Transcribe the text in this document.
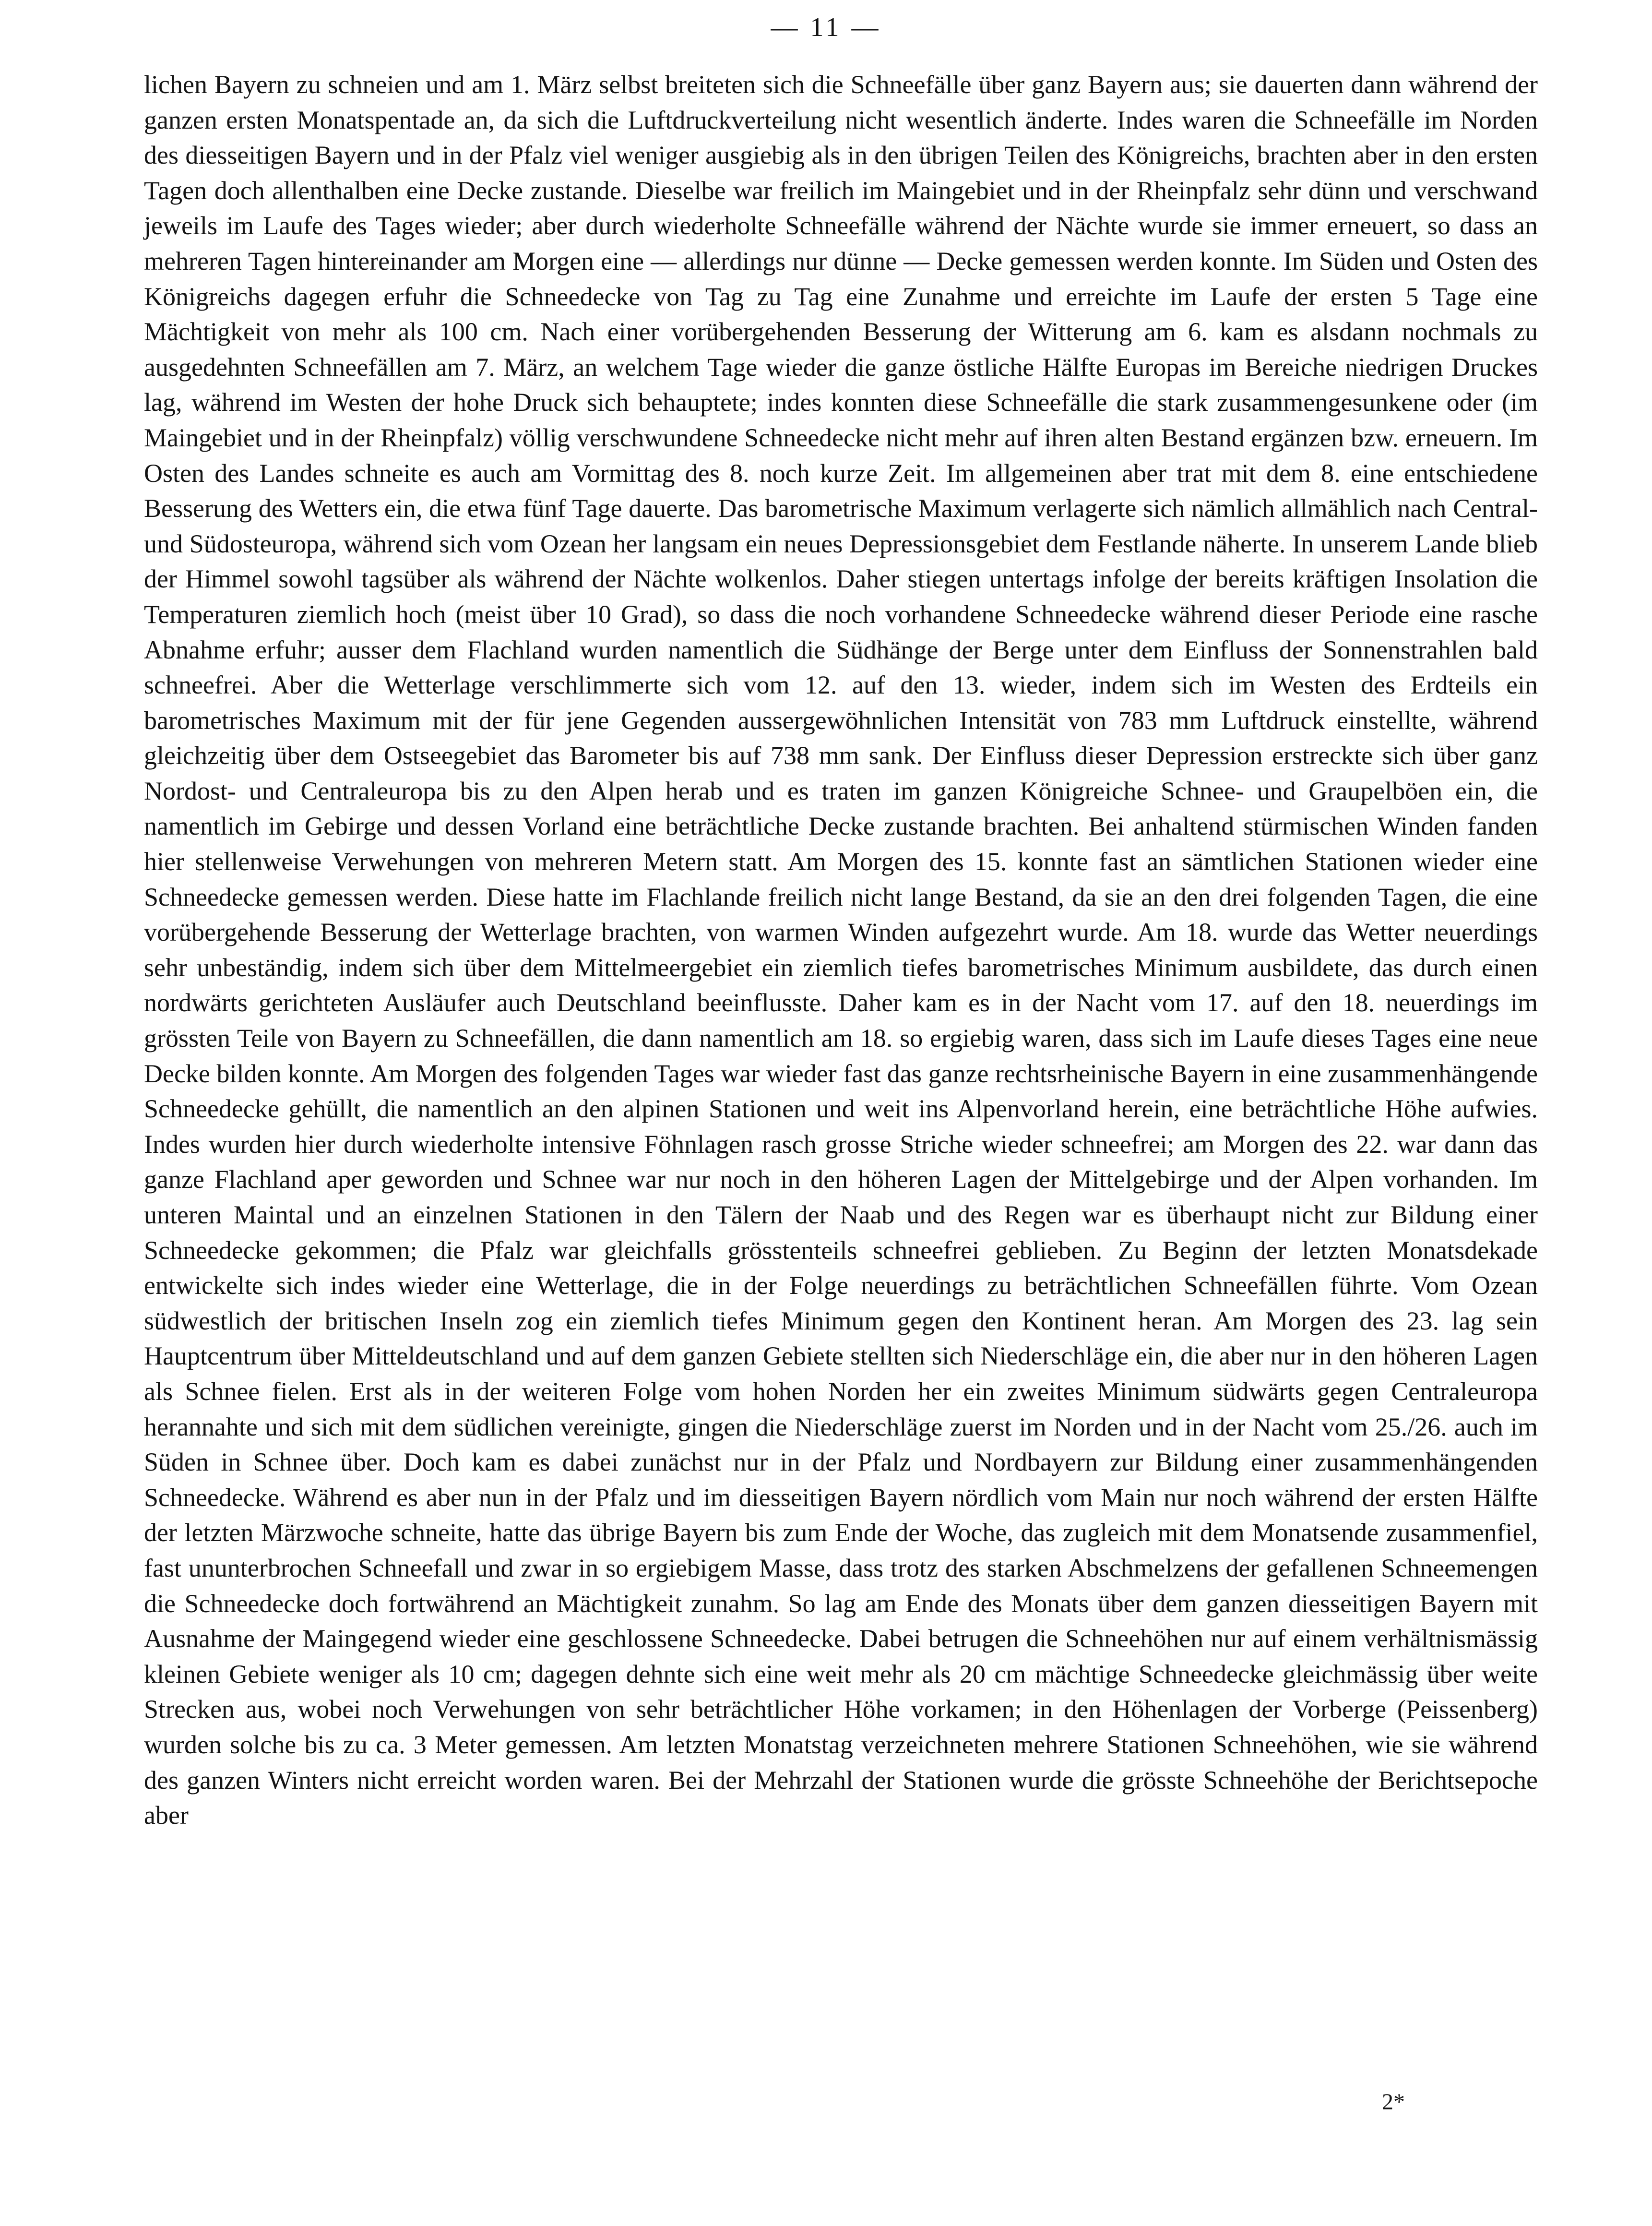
— 11 —

lichen Bayern zu schneien und am 1. März selbst breiteten sich die Schneefälle über ganz Bayern aus; sie dauerten dann während der ganzen ersten Monatspentade an, da sich die Luftdruckverteilung nicht wesentlich änderte. Indes waren die Schneefälle im Norden des diesseitigen Bayern und in der Pfalz viel weniger ausgiebig als in den übrigen Teilen des Königreichs, brachten aber in den ersten Tagen doch allenthalben eine Decke zustande. Dieselbe war freilich im Maingebiet und in der Rheinpfalz sehr dünn und verschwand jeweils im Laufe des Tages wieder; aber durch wiederholte Schneefälle während der Nächte wurde sie immer erneuert, so dass an mehreren Tagen hintereinander am Morgen eine — allerdings nur dünne — Decke gemessen werden konnte. Im Süden und Osten des Königreichs dagegen erfuhr die Schneedecke von Tag zu Tag eine Zunahme und erreichte im Laufe der ersten 5 Tage eine Mächtigkeit von mehr als 100 cm. Nach einer vorübergehenden Besserung der Witterung am 6. kam es alsdann nochmals zu ausgedehnten Schneefällen am 7. März, an welchem Tage wieder die ganze östliche Hälfte Europas im Bereiche niedrigen Druckes lag, während im Westen der hohe Druck sich behauptete; indes konnten diese Schneefälle die stark zusammengesunkene oder (im Maingebiet und in der Rheinpfalz) völlig verschwundene Schneedecke nicht mehr auf ihren alten Bestand ergänzen bzw. erneuern. Im Osten des Landes schneite es auch am Vormittag des 8. noch kurze Zeit. Im allgemeinen aber trat mit dem 8. eine entschiedene Besserung des Wetters ein, die etwa fünf Tage dauerte. Das barometrische Maximum verlagerte sich nämlich allmählich nach Central- und Südosteuropa, während sich vom Ozean her langsam ein neues Depressionsgebiet dem Festlande näherte. In unserem Lande blieb der Himmel sowohl tagsüber als während der Nächte wolkenlos. Daher stiegen untertags infolge der bereits kräftigen Insolation die Temperaturen ziemlich hoch (meist über 10 Grad), so dass die noch vorhandene Schneedecke während dieser Periode eine rasche Abnahme erfuhr; ausser dem Flachland wurden namentlich die Südhänge der Berge unter dem Einfluss der Sonnenstrahlen bald schneefrei. Aber die Wetterlage verschlimmerte sich vom 12. auf den 13. wieder, indem sich im Westen des Erdteils ein barometrisches Maximum mit der für jene Gegenden aussergewöhnlichen Intensität von 783 mm Luftdruck einstellte, während gleichzeitig über dem Ostseegebiet das Barometer bis auf 738 mm sank. Der Einfluss dieser Depression erstreckte sich über ganz Nordost- und Centraleuropa bis zu den Alpen herab und es traten im ganzen Königreiche Schnee- und Graupelböen ein, die namentlich im Gebirge und dessen Vorland eine beträchtliche Decke zustande brachten. Bei anhaltend stürmischen Winden fanden hier stellenweise Verwehungen von mehreren Metern statt. Am Morgen des 15. konnte fast an sämtlichen Stationen wieder eine Schneedecke gemessen werden. Diese hatte im Flachlande freilich nicht lange Bestand, da sie an den drei folgenden Tagen, die eine vorübergehende Besserung der Wetterlage brachten, von warmen Winden aufgezehrt wurde. Am 18. wurde das Wetter neuerdings sehr unbeständig, indem sich über dem Mittelmeergebiet ein ziemlich tiefes barometrisches Minimum ausbildete, das durch einen nordwärts gerichteten Ausläufer auch Deutschland beeinflusste. Daher kam es in der Nacht vom 17. auf den 18. neuerdings im grössten Teile von Bayern zu Schneefällen, die dann namentlich am 18. so ergiebig waren, dass sich im Laufe dieses Tages eine neue Decke bilden konnte. Am Morgen des folgenden Tages war wieder fast das ganze rechtsrheinische Bayern in eine zusammenhängende Schneedecke gehüllt, die namentlich an den alpinen Stationen und weit ins Alpenvorland herein, eine beträchtliche Höhe aufwies. Indes wurden hier durch wiederholte intensive Föhnlagen rasch grosse Striche wieder schneefrei; am Morgen des 22. war dann das ganze Flachland aper geworden und Schnee war nur noch in den höheren Lagen der Mittelgebirge und der Alpen vorhanden. Im unteren Maintal und an einzelnen Stationen in den Tälern der Naab und des Regen war es überhaupt nicht zur Bildung einer Schneedecke gekommen; die Pfalz war gleichfalls grösstenteils schneefrei geblieben. Zu Beginn der letzten Monatsdekade entwickelte sich indes wieder eine Wetterlage, die in der Folge neuerdings zu beträchtlichen Schneefällen führte. Vom Ozean südwestlich der britischen Inseln zog ein ziemlich tiefes Minimum gegen den Kontinent heran. Am Morgen des 23. lag sein Hauptcentrum über Mitteldeutschland und auf dem ganzen Gebiete stellten sich Niederschläge ein, die aber nur in den höheren Lagen als Schnee fielen. Erst als in der weiteren Folge vom hohen Norden her ein zweites Minimum südwärts gegen Centraleuropa herannahte und sich mit dem südlichen vereinigte, gingen die Niederschläge zuerst im Norden und in der Nacht vom 25./26. auch im Süden in Schnee über. Doch kam es dabei zunächst nur in der Pfalz und Nordbayern zur Bildung einer zusammenhängenden Schneedecke. Während es aber nun in der Pfalz und im diesseitigen Bayern nördlich vom Main nur noch während der ersten Hälfte der letzten Märzwoche schneite, hatte das übrige Bayern bis zum Ende der Woche, das zugleich mit dem Monatsende zusammenfiel, fast ununterbrochen Schneefall und zwar in so ergiebigem Masse, dass trotz des starken Abschmelzens der gefallenen Schneemengen die Schneedecke doch fortwährend an Mächtigkeit zunahm. So lag am Ende des Monats über dem ganzen diesseitigen Bayern mit Ausnahme der Maingegend wieder eine geschlossene Schneedecke. Dabei betrugen die Schneehöhen nur auf einem verhältnismässig kleinen Gebiete weniger als 10 cm; dagegen dehnte sich eine weit mehr als 20 cm mächtige Schneedecke gleichmässig über weite Strecken aus, wobei noch Verwehungen von sehr beträchtlicher Höhe vorkamen; in den Höhenlagen der Vorberge (Peissenberg) wurden solche bis zu ca. 3 Meter gemessen. Am letzten Monatstag verzeichneten mehrere Stationen Schneehöhen, wie sie während des ganzen Winters nicht erreicht worden waren. Bei der Mehrzahl der Stationen wurde die grösste Schneehöhe der Berichtsepoche aber

2*
